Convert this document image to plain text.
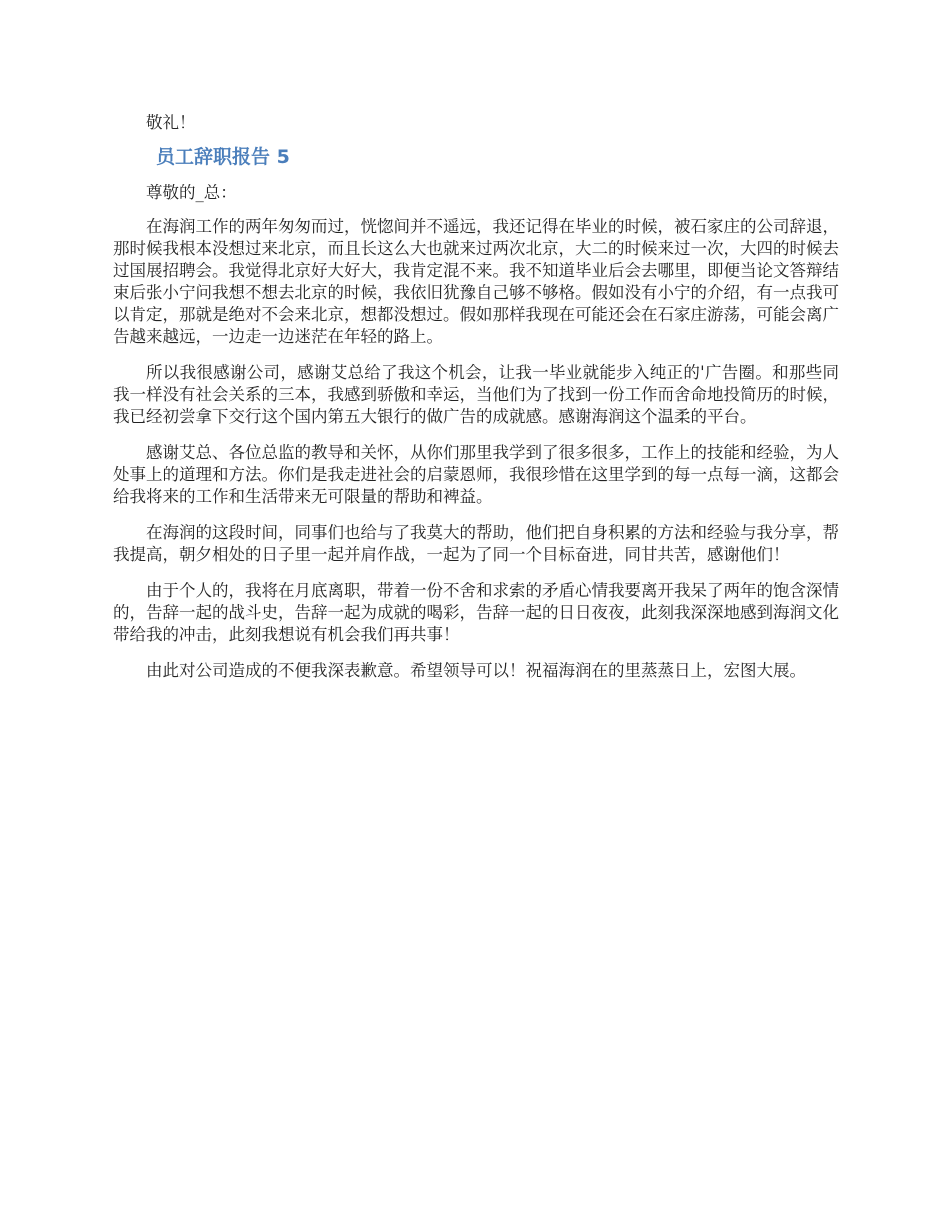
敬礼！

员工辞职报告 5

尊敬的_总：

在海润工作的两年匆匆而过，恍惚间并不遥远，我还记得在毕业的时候，被石家庄的公司辞退，那时候我根本没想过来北京，而且长这么大也就来过两次北京，大二的时候来过一次，大四的时候去过国展招聘会。我觉得北京好大好大，我肯定混不来。我不知道毕业后会去哪里，即便当论文答辩结束后张小宁问我想不想去北京的时候，我依旧犹豫自己够不够格。假如没有小宁的介绍，有一点我可以肯定，那就是绝对不会来北京，想都没想过。假如那样我现在可能还会在石家庄游荡，可能会离广告越来越远，一边走一边迷茫在年轻的路上。

所以我很感谢公司，感谢艾总给了我这个机会，让我一毕业就能步入纯正的'广告圈。和那些同我一样没有社会关系的三本，我感到骄傲和幸运，当他们为了找到一份工作而舍命地投简历的时候，我已经初尝拿下交行这个国内第五大银行的做广告的成就感。感谢海润这个温柔的平台。

感谢艾总、各位总监的教导和关怀，从你们那里我学到了很多很多，工作上的技能和经验，为人处事上的道理和方法。你们是我走进社会的启蒙恩师，我很珍惜在这里学到的每一点每一滴，这都会给我将来的工作和生活带来无可限量的帮助和裨益。

在海润的这段时间，同事们也给与了我莫大的帮助，他们把自身积累的方法和经验与我分享，帮我提高，朝夕相处的日子里一起并肩作战，一起为了同一个目标奋进，同甘共苦，感谢他们！

由于个人的，我将在月底离职，带着一份不舍和求索的矛盾心情我要离开我呆了两年的饱含深情的，告辞一起的战斗史，告辞一起为成就的喝彩，告辞一起的日日夜夜，此刻我深深地感到海润文化带给我的冲击，此刻我想说有机会我们再共事！

由此对公司造成的不便我深表歉意。希望领导可以！祝福海润在的里蒸蒸日上，宏图大展。
